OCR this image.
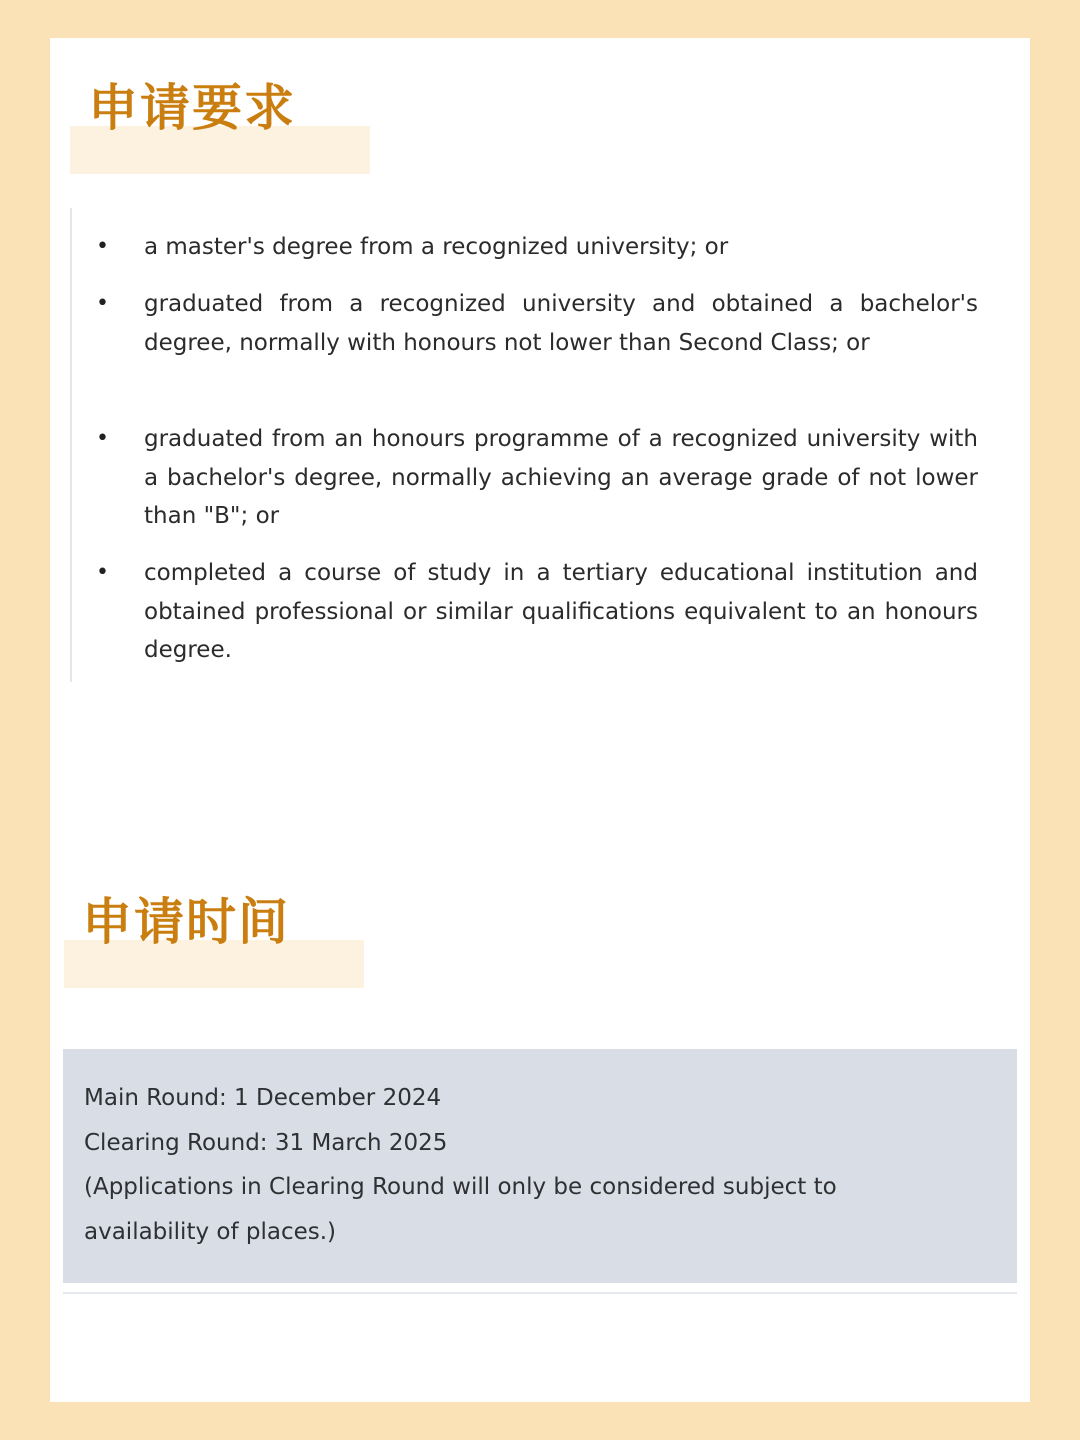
申请要求
• a master's degree from a recognized university; or

• graduated from a recognized university and obtained a bachelor's degree, normally with honours not lower than Second Class; or

• graduated from an honours programme of a recognized university with a bachelor's degree, normally achieving an average grade of not lower than "B"; or

• completed a course of study in a tertiary educational institution and obtained professional or similar qualifications equivalent to an honours degree.

申请时间

Main Round: 1 December 2024

Clearing Round: 31 March 2025

(Applications in Clearing Round will only be considered subject to availability of places.)
